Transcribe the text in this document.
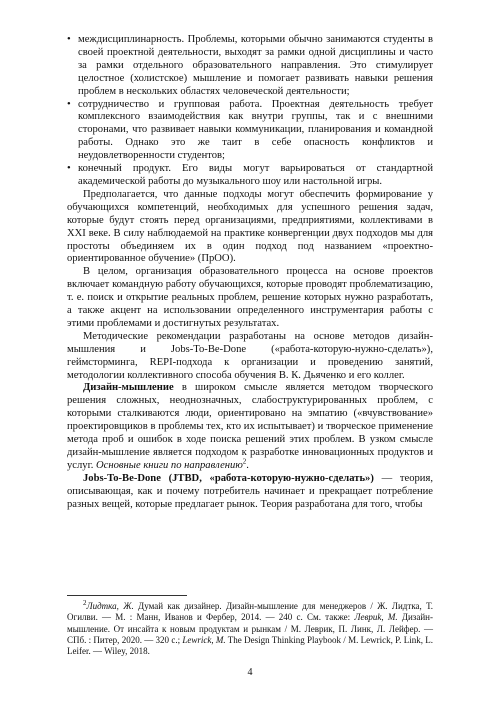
• междисциплинарность. Проблемы, которыми обычно занимаются студенты в своей проектной деятельности, выходят за рамки одной дисциплины и часто за рамки отдельного образовательного направления. Это стимулирует целостное (холистское) мышление и помогает развивать навыки решения проблем в нескольких областях человеческой деятельности;

• сотрудничество и групповая работа. Проектная деятельность требует комплексного взаимодействия как внутри группы, так и с внешними сторонами, что развивает навыки коммуникации, планирования и командной работы. Однако это же таит в себе опасность конфликтов и неудовлетворенности студентов;

• конечный продукт. Его виды могут варьироваться от стандартной академической работы до музыкального шоу или настольной игры.

Предполагается, что данные подходы могут обеспечить формирование у обучающихся компетенций, необходимых для успешного решения задач, которые будут стоять перед организациями, предприятиями, коллективами в XXI веке. В силу наблюдаемой на практике конвергенции двух подходов мы для простоты объединяем их в один подход под названием «проектно-ориентированное обучение» (ПрОО).

В целом, организация образовательного процесса на основе проектов включает командную работу обучающихся, которые проводят проблематизацию, т. е. поиск и открытие реальных проблем, решение которых нужно разработать, а также акцент на использовании определенного инструментария работы с этими проблемами и достигнутых результатах.

Методические рекомендации разработаны на основе методов дизайн-мышления и Jobs-To-Be-Done («работа-которую-нужно-сделать»), геймсторминга, REPI-подхода к организации и проведению занятий, методологии коллективного способа обучения В. К. Дьяченко и его коллег.

Дизайн-мышление в широком смысле является методом творческого решения сложных, неоднозначных, слабоструктурированных проблем, с которыми сталкиваются люди, ориентировано на эмпатию («вчувствование» проектировщиков в проблемы тех, кто их испытывает) и творческое применение метода проб и ошибок в ходе поиска решений этих проблем. В узком смысле дизайн-мышление является подходом к разработке инновационных продуктов и услуг. Основные книги по направлению$^2$.

Jobs-To-Be-Done (JTBD, «работа-которую-нужно-сделать») — теория, описывающая, как и почему потребитель начинает и прекращает потребление разных вещей, которые предлагает рынок. Теория разработана для того, чтобы

$^2$Лидтка, Ж. Думай как дизайнер. Дизайн-мышление для менеджеров / Ж. Лидтка, Т. Огилви. — М. : Манн, Иванов и Фербер, 2014. — 240 с. См. также: Левриk, M. Дизайн-мышление. От инсайта к новым продуктам и рынкам / М. Леврик, П. Линк, Л. Лейфер. — СПб. : Питер, 2020. — 320 с.; Lewrick, M. The Design Thinking Playbook / M. Lewrick, P. Link, L. Leifer. — Wiley, 2018.

4
